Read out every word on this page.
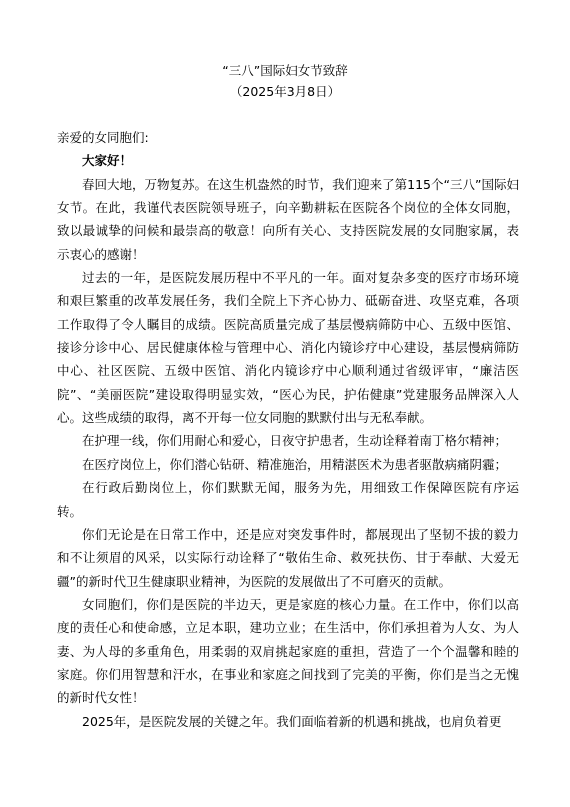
“三八”国际妇女节致辞
（2025年3月8日）

亲爱的女同胞们:

大家好！

春回大地，万物复苏。在这生机盎然的时节，我们迎来了第115个“三八”国际妇女节。在此，我谨代表医院领导班子，向辛勤耕耘在医院各个岗位的全体女同胞，致以最诚挚的问候和最崇高的敬意！向所有关心、支持医院发展的女同胞家属，表示衷心的感谢！

过去的一年，是医院发展历程中不平凡的一年。面对复杂多变的医疗市场环境和艰巨繁重的改革发展任务，我们全院上下齐心协力、砥砺奋进、攻坚克难，各项工作取得了令人瞩目的成绩。医院高质量完成了基层慢病筛防中心、五级中医馆、接诊分诊中心、居民健康体检与管理中心、消化内镜诊疗中心建设，基层慢病筛防中心、社区医院、五级中医馆、消化内镜诊疗中心顺利通过省级评审，“廉洁医院”、“美丽医院”建设取得明显实效，“医心为民，护佑健康”党建服务品牌深入人心。这些成绩的取得，离不开每一位女同胞的默默付出与无私奉献。

在护理一线，你们用耐心和爱心，日夜守护患者，生动诠释着南丁格尔精神；

在医疗岗位上，你们潜心钻研、精准施治，用精湛医术为患者驱散病痛阴霾；

在行政后勤岗位上，你们默默无闻，服务为先，用细致工作保障医院有序运转。

你们无论是在日常工作中，还是应对突发事件时，都展现出了坚韧不拔的毅力和不让须眉的风采，以实际行动诠释了“敬佑生命、救死扶伤、甘于奉献、大爱无疆”的新时代卫生健康职业精神，为医院的发展做出了不可磨灭的贡献。

女同胞们，你们是医院的半边天，更是家庭的核心力量。在工作中，你们以高度的责任心和使命感，立足本职，建功立业；在生活中，你们承担着为人女、为人妻、为人母的多重角色，用柔弱的双肩挑起家庭的重担，营造了一个个温馨和睦的家庭。你们用智慧和汗水，在事业和家庭之间找到了完美的平衡，你们是当之无愧的新时代女性！

2025年，是医院发展的关键之年。我们面临着新的机遇和挑战，也肩负着更
